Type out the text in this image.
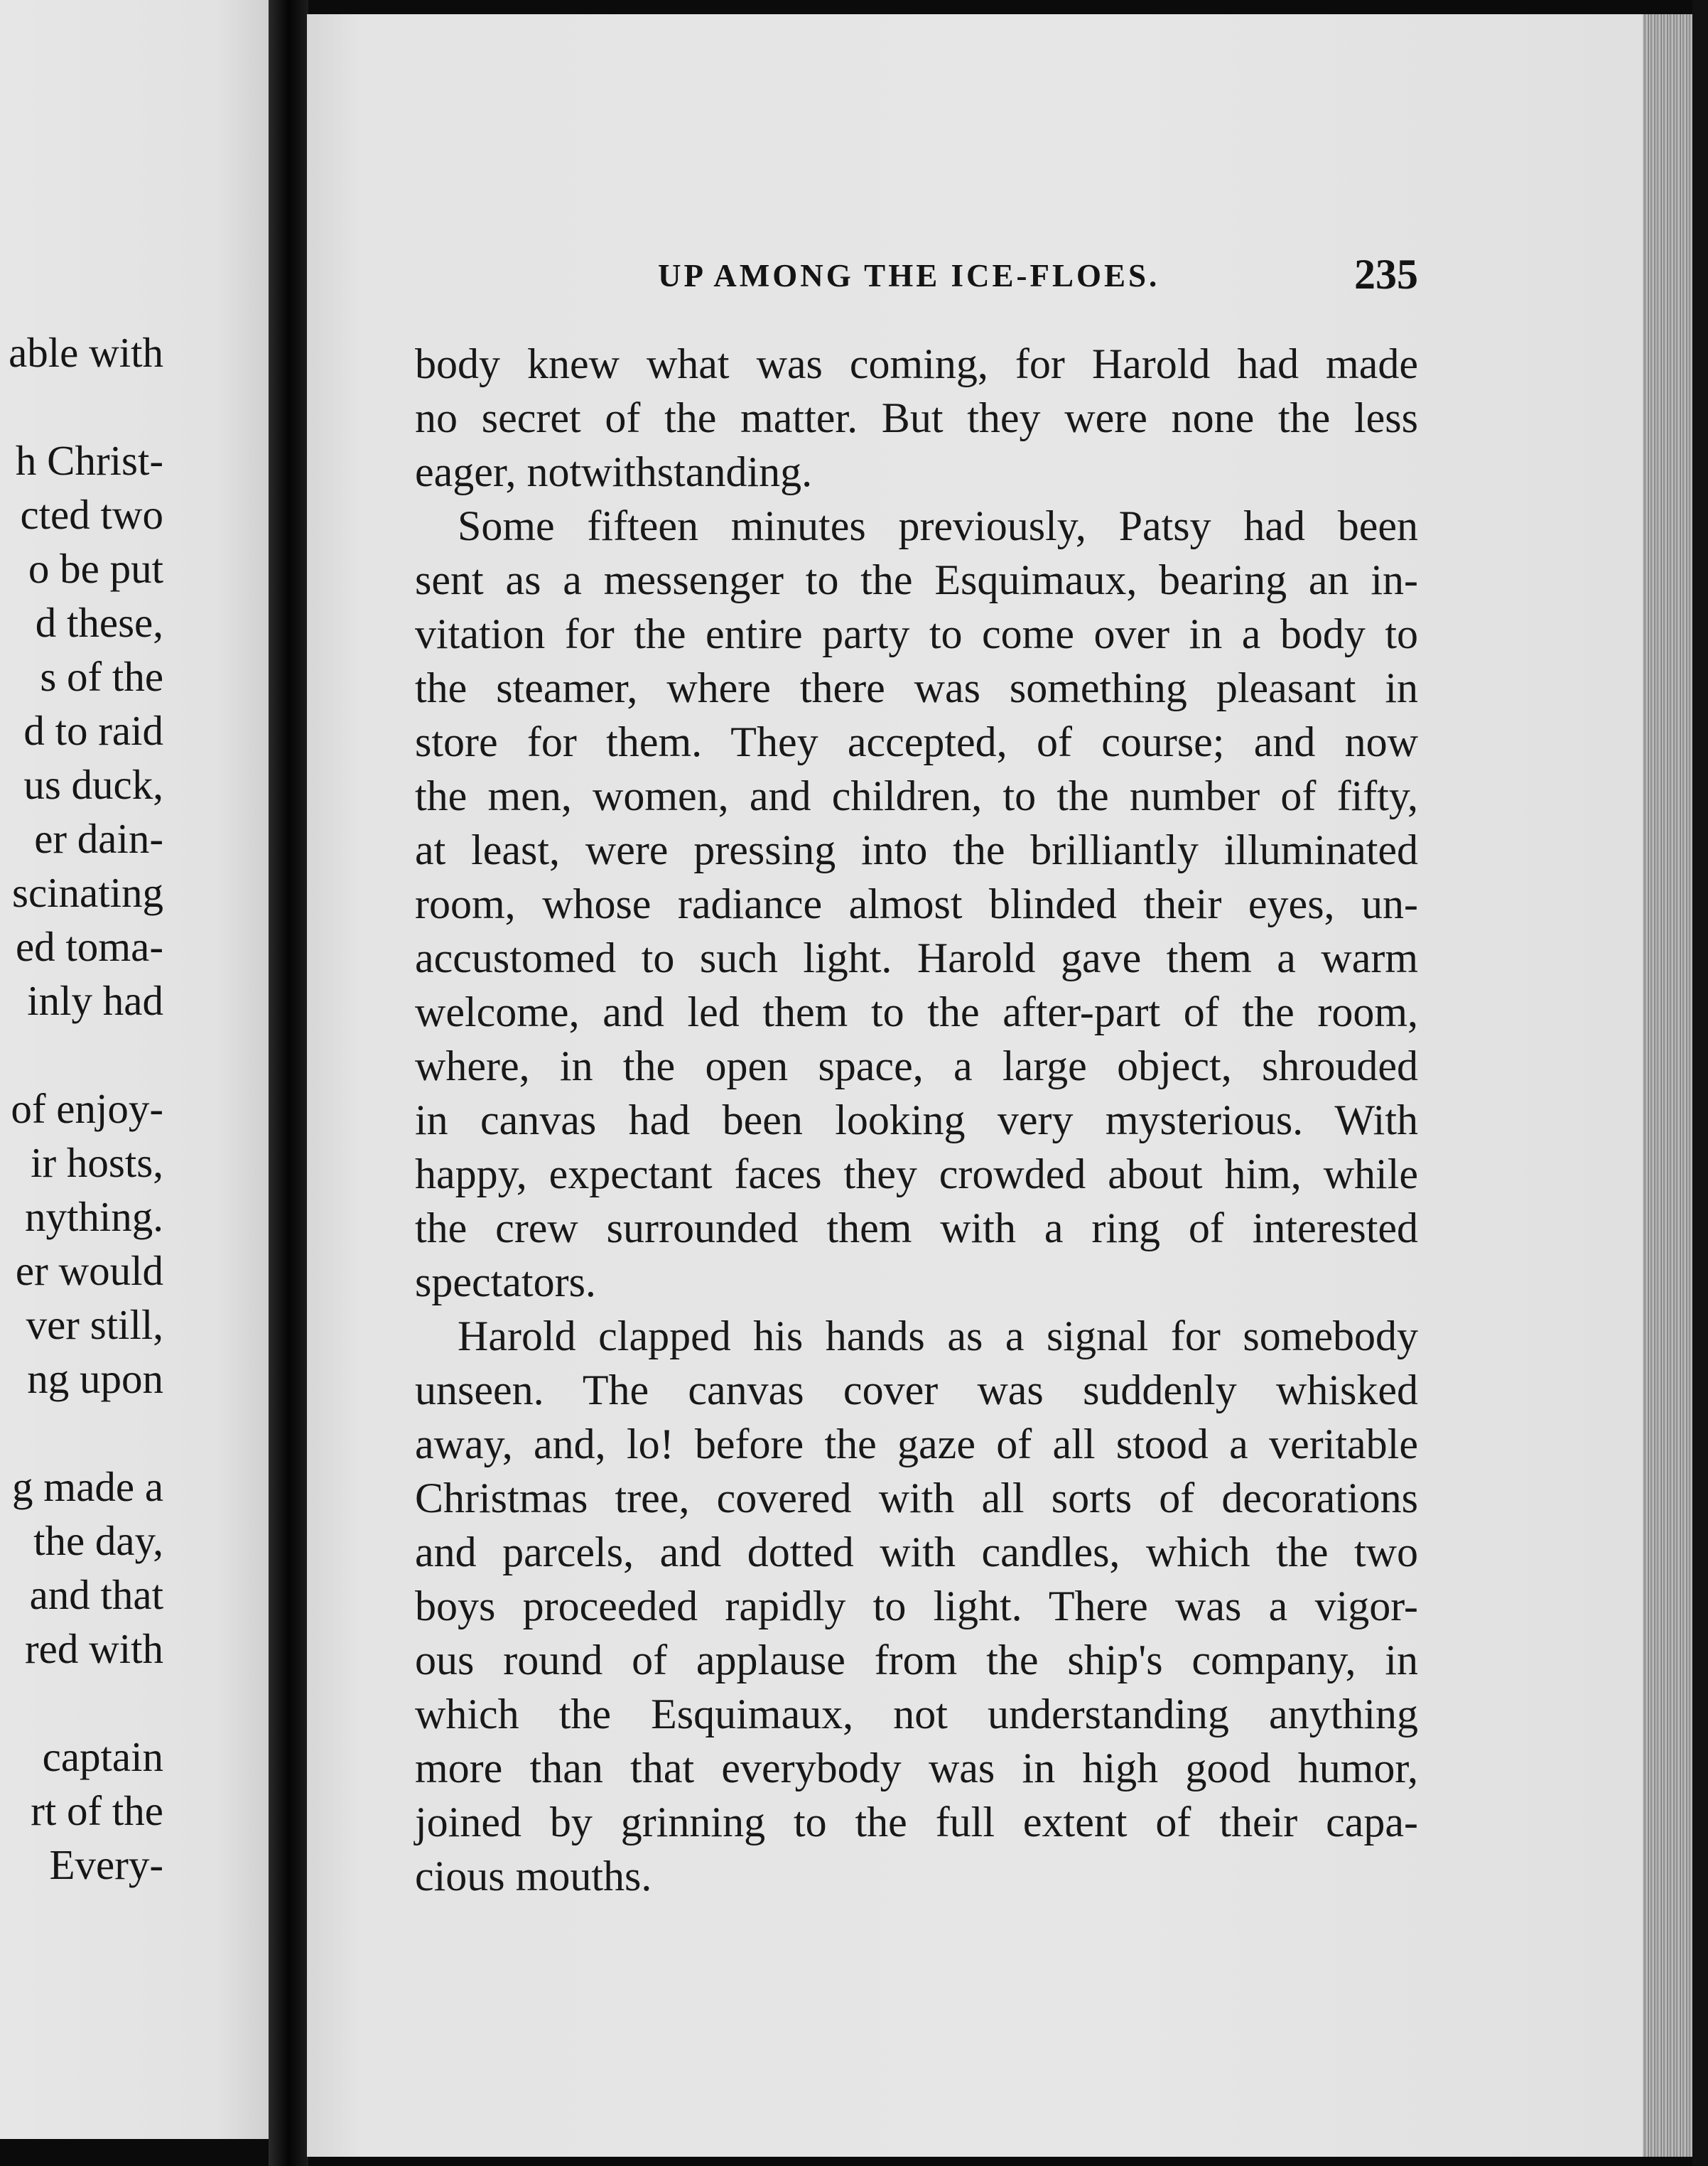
able with
h Christ-
cted two
o be put
d these,
s of the
d to raid
us duck,
er dain-
scinating
ed toma-
inly had
of enjoy-
ir hosts,
nything.
er would
ver still,
ng upon
g made a
the day,
and that
red with
captain
rt of the
Every-
UP AMONG THE ICE-FLOES.	235
body knew what was coming, for Harold had made
no secret of the matter. But they were none the less
eager, notwithstanding.
Some fifteen minutes previously, Patsy had been
sent as a messenger to the Esquimaux, bearing an in-
vitation for the entire party to come over in a body to
the steamer, where there was something pleasant in
store for them. They accepted, of course; and now
the men, women, and children, to the number of fifty,
at least, were pressing into the brilliantly illuminated
room, whose radiance almost blinded their eyes, un-
accustomed to such light. Harold gave them a warm
welcome, and led them to the after-part of the room,
where, in the open space, a large object, shrouded
in canvas had been looking very mysterious. With
happy, expectant faces they crowded about him, while
the crew surrounded them with a ring of interested
spectators.
Harold clapped his hands as a signal for somebody
unseen. The canvas cover was suddenly whisked
away, and, lo! before the gaze of all stood a veritable
Christmas tree, covered with all sorts of decorations
and parcels, and dotted with candles, which the two
boys proceeded rapidly to light. There was a vigor-
ous round of applause from the ship's company, in
which the Esquimaux, not understanding anything
more than that everybody was in high good humor,
joined by grinning to the full extent of their capa-
cious mouths.
